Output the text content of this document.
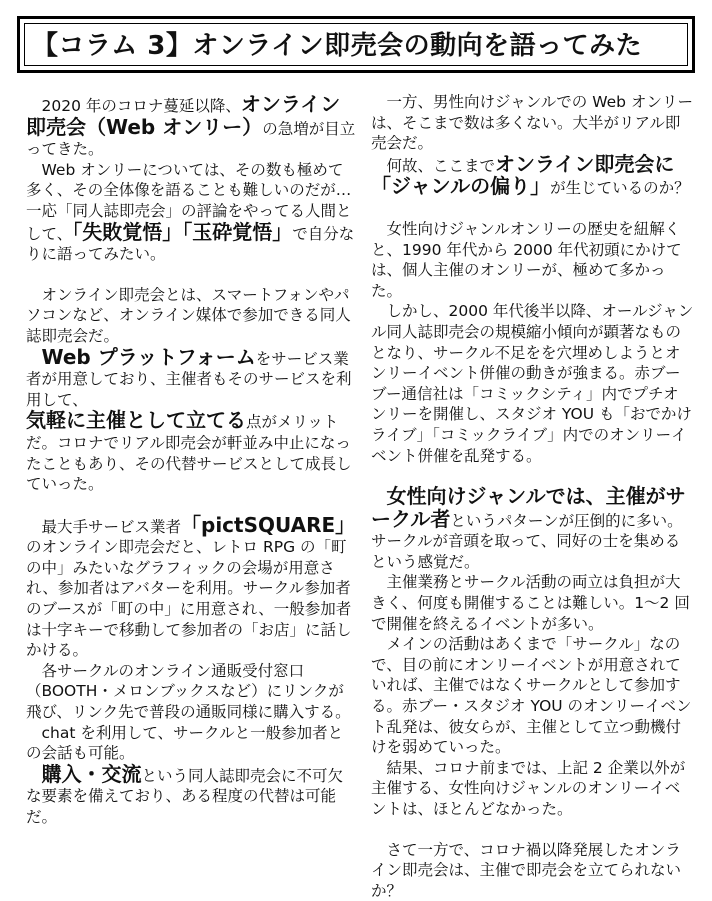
【コラム 3】オンライン即売会の動向を語ってみた

　2020 年のコロナ蔓延以降、オンライン即売会（Web オンリー）の急増が目立ってきた。

　Web オンリーについては、その数も極めて多く、その全体像を語ることも難しいのだが…一応「同人誌即売会」の評論をやってる人間として、「失敗覚悟」「玉砕覚悟」で自分なりに語ってみたい。

　オンライン即売会とは、スマートフォンやパソコンなど、オンライン媒体で参加できる同人誌即売会だ。

　Web プラットフォームをサービス業者が用意しており、主催者もそのサービスを利用して、

気軽に主催として立てる点がメリットだ。コロナでリアル即売会が軒並み中止になったこともあり、その代替サービスとして成長していった。

　最大手サービス業者「pictSQUARE」のオンライン即売会だと、レトロ RPG の「町の中」みたいなグラフィックの会場が用意され、参加者はアバターを利用。サークル参加者のブースが「町の中」に用意され、一般参加者は十字キーで移動して参加者の「お店」に話しかける。

　各サークルのオンライン通販受付窓口（BOOTH・メロンブックスなど）にリンクが飛び、リンク先で普段の通販同様に購入する。

　chat を利用して、サークルと一般参加者との会話も可能。

　購入・交流という同人誌即売会に不可欠な要素を備えており、ある程度の代替は可能だ。

　一方、男性向けジャンルでの Web オンリーは、そこまで数は多くない。大半がリアル即売会だ。

　何故、ここまでオンライン即売会に「ジャンルの偏り」が生じているのか？

　女性向けジャンルオンリーの歴史を紐解くと、1990 年代から 2000 年代初頭にかけては、個人主催のオンリーが、極めて多かった。

　しかし、2000 年代後半以降、オールジャンル同人誌即売会の規模縮小傾向が顕著なものとなり、サークル不足をを穴埋めしようとオンリーイベント併催の動きが強まる。赤ブーブー通信社は「コミックシティ」内でプチオンリーを開催し、スタジオ YOU も「おでかけライブ」「コミックライブ」内でのオンリーイベント併催を乱発する。

　女性向けジャンルでは、主催がサークル者というパターンが圧倒的に多い。サークルが音頭を取って、同好の士を集めるという感覚だ。

　主催業務とサークル活動の両立は負担が大きく、何度も開催することは難しい。1～2 回で開催を終えるイベントが多い。

　メインの活動はあくまで「サークル」なので、目の前にオンリーイベントが用意されていれば、主催ではなくサークルとして参加する。赤ブー・スタジオ YOU のオンリーイベント乱発は、彼女らが、主催として立つ動機付けを弱めていった。

　結果、コロナ前までは、上記 2 企業以外が主催する、女性向けジャンルのオンリーイベントは、ほとんどなかった。

　さて一方で、コロナ禍以降発展したオンライン即売会は、主催で即売会を立てられないか？
